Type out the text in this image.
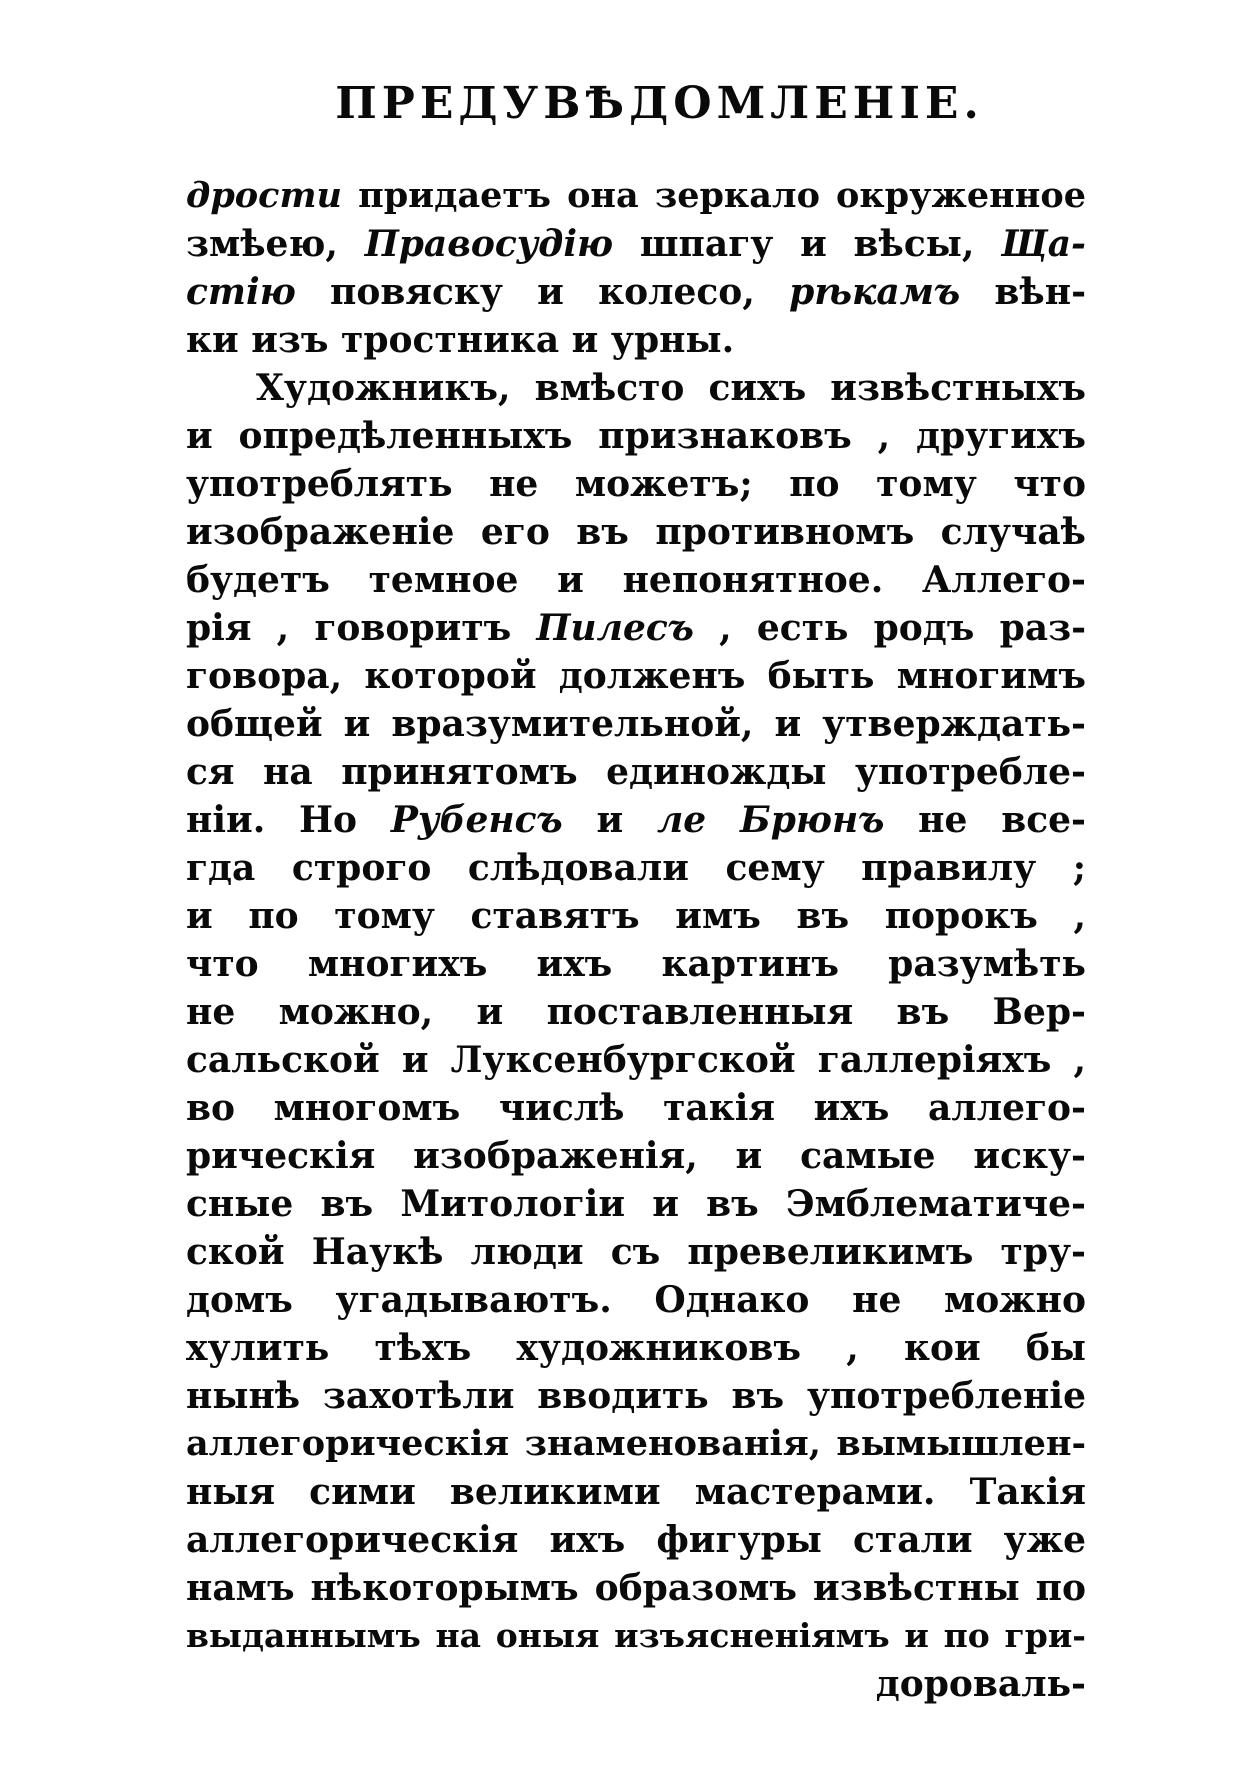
ПРЕДУВѢДОМЛЕНІЕ.
дрости придаетъ она зеркало окруженное
змѣею, Правосудію шпагу и вѣсы, Ща-
стію повяску и колесо, рѣкамъ вѣн-
ки изъ тростника и урны.
Художникъ, вмѣсто сихъ извѣстныхъ
и опредѣленныхъ признаковъ , другихъ
употреблять не можетъ; по тому что
изображеніе его въ противномъ случаѣ
будетъ темное и непонятное. Аллего-
рія , говоритъ Пилесъ , есть родъ раз-
говора, которой долженъ быть многимъ
общей и вразумительной, и утверждать-
ся на принятомъ единожды употребле-
ніи. Но Рубенсъ и ле Брюнъ не все-
гда строго слѣдовали сему правилу ;
и по тому ставятъ имъ въ порокъ ,
что многихъ ихъ картинъ разумѣть
не можно, и поставленныя въ Вер-
сальской и Луксенбургской галлеріяхъ ,
во многомъ числѣ такія ихъ аллего-
рическія изображенія, и самые иску-
сные въ Митологіи и въ Эмблематиче-
ской Наукѣ люди съ превеликимъ тру-
домъ угадываютъ. Однако не можно
хулить тѣхъ художниковъ , кои бы
нынѣ захотѣли вводить въ употребленіе
аллегорическія знаменованія, вымышлен-
ныя сими великими мастерами. Такія
аллегорическія ихъ фигуры стали уже
намъ нѣкоторымъ образомъ извѣстны по
выданнымъ на оныя изъясненіямъ и по гри-
дороваль-
